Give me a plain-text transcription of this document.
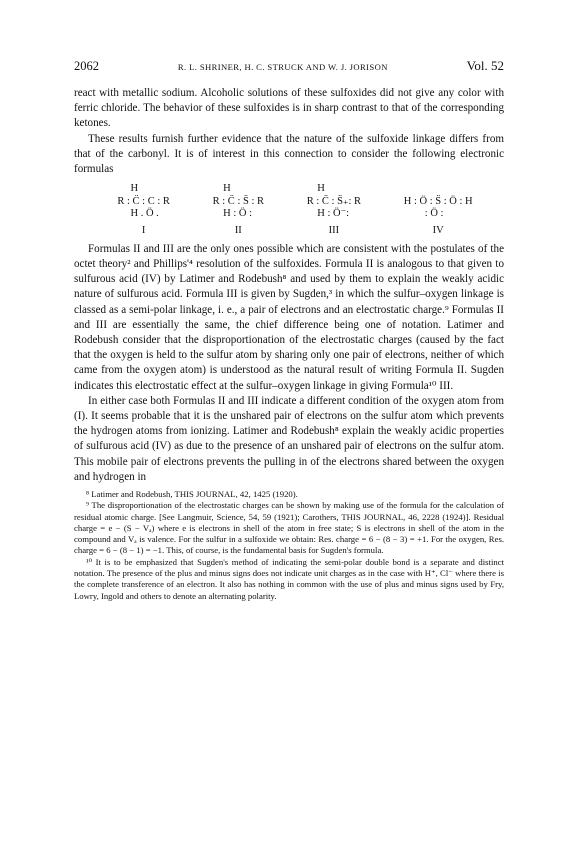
2062	R. L. SHRINER, H. C. STRUCK AND W. J. JORISON	Vol. 52

react with metallic sodium. Alcoholic solutions of these sulfoxides did not give any color with ferric chloride. The behavior of these sulfoxides is in sharp contrast to that of the corresponding ketones.

These results furnish further evidence that the nature of the sulfoxide linkage differs from that of the carbonyl. It is of interest in this connection to consider the following electronic formulas

H
R : C̈ : C : R
H . Ö .
I
H
R : C̈ : S̈ : R
H : Ö :
II
H
R : C̈ : S̈₊: R
H : Ö⁻:
III

H : Ö : S̈ : Ö : H
: Ö :
IV

Formulas II and III are the only ones possible which are consistent with the postulates of the octet theory² and Phillips'⁴ resolution of the sulfoxides. Formula II is analogous to that given to sulfurous acid (IV) by Latimer and Rodebush⁸ and used by them to explain the weakly acidic nature of sulfurous acid. Formula III is given by Sugden,³ in which the sulfur–oxygen linkage is classed as a semi-polar linkage, i. e., a pair of electrons and an electrostatic charge.⁹ Formulas II and III are essentially the same, the chief difference being one of notation. Latimer and Rodebush consider that the disproportionation of the electrostatic charges (caused by the fact that the oxygen is held to the sulfur atom by sharing only one pair of electrons, neither of which came from the oxygen atom) is understood as the natural result of writing Formula II. Sugden indicates this electrostatic effect at the sulfur–oxygen linkage in giving Formula¹⁰ III.

In either case both Formulas II and III indicate a different condition of the oxygen atom from (I). It seems probable that it is the unshared pair of electrons on the sulfur atom which prevents the hydrogen atoms from ionizing. Latimer and Rodebush⁸ explain the weakly acidic properties of sulfurous acid (IV) as due to the presence of an unshared pair of electrons on the sulfur atom. This mobile pair of electrons prevents the pulling in of the electrons shared between the oxygen and hydrogen in

⁸ Latimer and Rodebush, THIS JOURNAL, 42, 1425 (1920).

⁹ The disproportionation of the electrostatic charges can be shown by making use of the formula for the calculation of residual atomic charge. [See Langmuir, Science, 54, 59 (1921); Carothers, THIS JOURNAL, 46, 2228 (1924)]. Residual charge = e − (S − Vₐ) where e is electrons in shell of the atom in free state; S is electrons in shell of the atom in the compound and Vₐ is valence. For the sulfur in a sulfoxide we obtain: Res. charge = 6 − (8 − 3) = +1. For the oxygen, Res. charge = 6 − (8 − 1) = −1. This, of course, is the fundamental basis for Sugden's formula.

¹⁰ It is to be emphasized that Sugden's method of indicating the semi-polar double bond is a separate and distinct notation. The presence of the plus and minus signs does not indicate unit charges as in the case with H⁺, Cl⁻ where there is the complete transference of an electron. It also has nothing in common with the use of plus and minus signs used by Fry, Lowry, Ingold and others to denote an alternating polarity.
